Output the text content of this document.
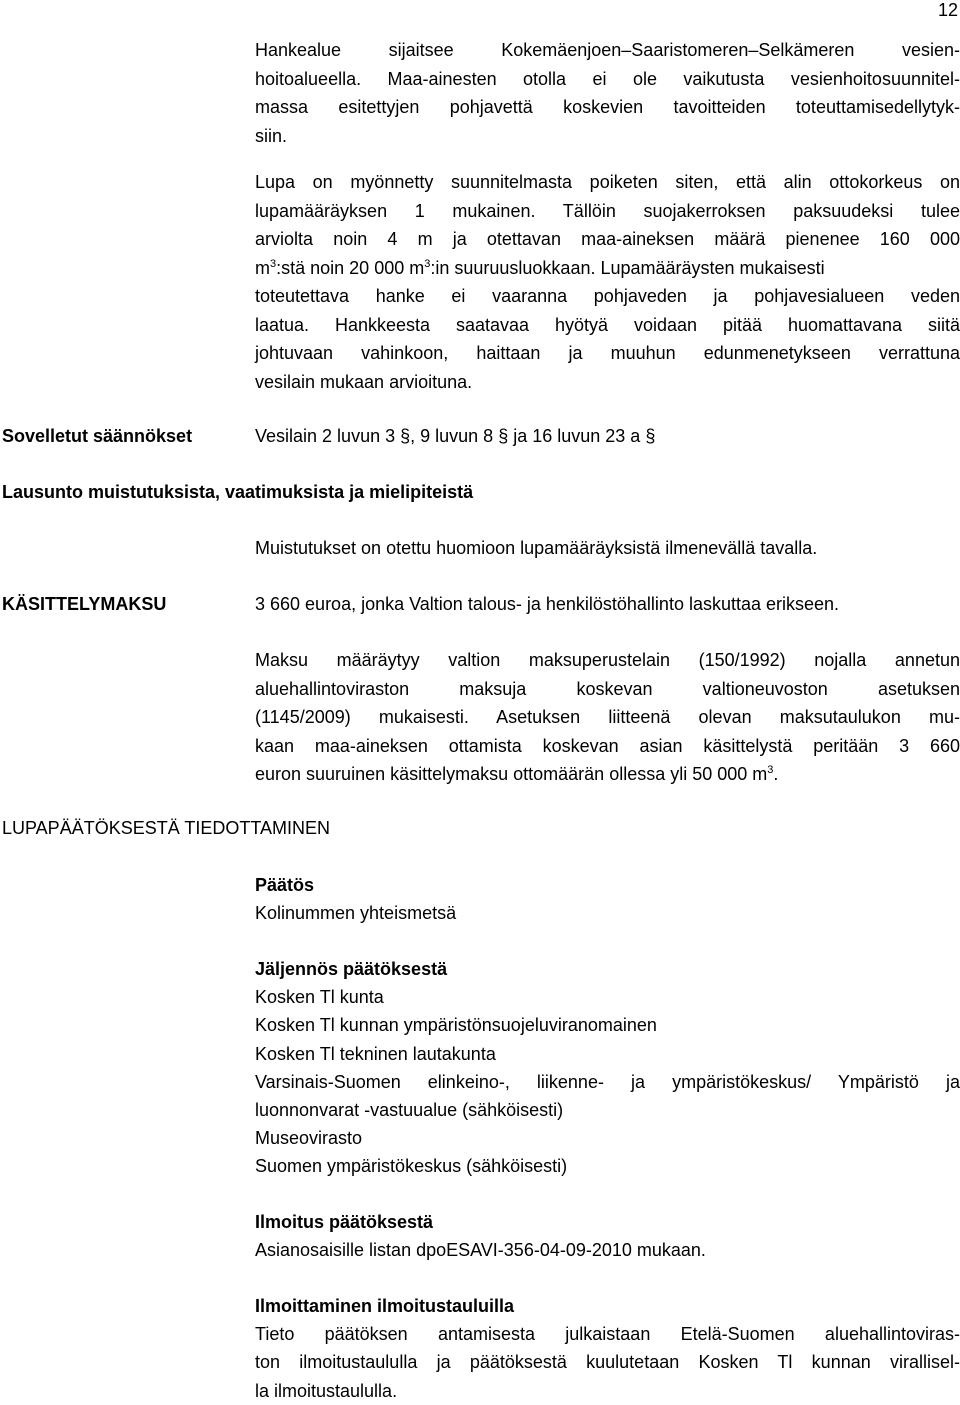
12
Hankealue sijaitsee Kokemäenjoen–Saaristomeren–Selkämeren vesien-
hoitoalueella. Maa-ainesten otolla ei ole vaikutusta vesienhoitosuunnitel-
massa esitettyjen pohjavettä koskevien tavoitteiden toteuttamisedellytyk-
siin.
Lupa on myönnetty suunnitelmasta poiketen siten, että alin ottokorkeus on
lupamääräyksen 1 mukainen. Tällöin suojakerroksen paksuudeksi tulee
arviolta noin 4 m ja otettavan maa-aineksen määrä pienenee 160 000
$m^3:stä$ noin 20 000 $m^3:in$ suuruusluokkaan. Lupamääräysten mukaisesti
toteutettava hanke ei vaaranna pohjaveden ja pohjavesialueen veden
laatua. Hankkeesta saatavaa hyötyä voidaan pitää huomattavana siitä
johtuvaan vahinkoon, haittaan ja muuhun edunmenetykseen verrattuna
vesilain mukaan arvioituna.
Sovelletut säännökset	Vesilain 2 luvun 3 §, 9 luvun 8 § ja 16 luvun 23 a §
Lausunto muistutuksista, vaatimuksista ja mielipiteistä
Muistutukset on otettu huomioon lupamääräyksistä ilmenevällä tavalla.
KÄSITTELYMAKSU	3 660 euroa, jonka Valtion talous- ja henkilöstöhallinto laskuttaa erikseen.
Maksu määräytyy valtion maksuperustelain (150/1992) nojalla annetun
aluehallintoviraston maksuja koskevan valtioneuvoston asetuksen
(1145/2009) mukaisesti. Asetuksen liitteenä olevan maksutaulukon mu-
kaan maa-aineksen ottamista koskevan asian käsittelystä peritään 3 660
euron suuruinen käsittelymaksu ottomäärän ollessa yli 50 000 $m^3$.
LUPAPÄÄTÖKSESTÄ TIEDOTTAMINEN
Päätös
Kolinummen yhteismetsä
Jäljennös päätöksestä
Kosken Tl kunta
Kosken Tl kunnan ympäristönsuojeluviranomainen
Kosken Tl tekninen lautakunta
Varsinais-Suomen elinkeino-, liikenne- ja ympäristökeskus/ Ympäristö ja
luonnonvarat -vastuualue (sähköisesti)
Museovirasto
Suomen ympäristökeskus (sähköisesti)
Ilmoitus päätöksestä
Asianosaisille listan dpoESAVI-356-04-09-2010 mukaan.
Ilmoittaminen ilmoitustauluilla
Tieto päätöksen antamisesta julkaistaan Etelä-Suomen aluehallintoviras-
ton ilmoitustaululla ja päätöksestä kuulutetaan Kosken Tl kunnan virallisel-
la ilmoitustaululla.
